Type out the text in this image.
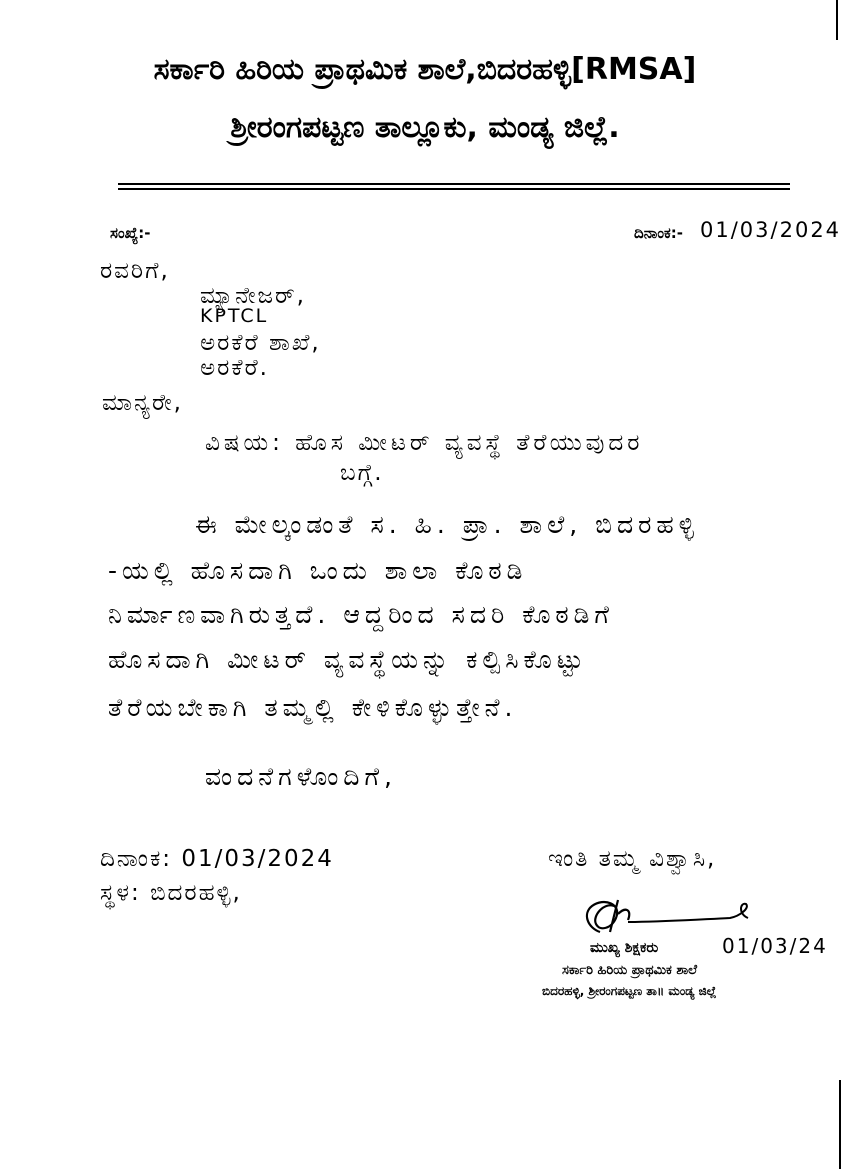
ಸರ್ಕಾರಿ ಹಿರಿಯ ಪ್ರಾಥಮಿಕ ಶಾಲೆ,ಬಿದರಹಳ್ಳಿ[RMSA]
ಶ್ರೀರಂಗಪಟ್ಟಣ ತಾಲ್ಲೂಕು, ಮಂಡ್ಯ ಜಿಲ್ಲೆ.
ಸಂಖ್ಯೆ:-	ದಿನಾಂಕ:- 01/03/2024
ರವರಿಗೆ,
ಮ್ಯಾನೇಜರ್,
KPTCL
ಅರಕೆರೆ ಶಾಖೆ,
ಅರಕೆರೆ.
ಮಾನ್ಯರೇ,
ವಿಷಯ: ಹೊಸ ಮೀಟರ್ ವ್ಯವಸ್ಥೆ ತೆರೆಯುವುದರ
ಬಗ್ಗೆ.
ಈ ಮೇಲ್ಕಂಡಂತೆ ಸ. ಹಿ. ಪ್ರಾ. ಶಾಲೆ, ಬಿದರಹಳ್ಳಿ
-ಯಲ್ಲಿ ಹೊಸದಾಗಿ ಒಂದು ಶಾಲಾ ಕೊಠಡಿ
ನಿರ್ಮಾಣವಾಗಿರುತ್ತದೆ. ಆದ್ದರಿಂದ ಸದರಿ ಕೊಠಡಿಗೆ
ಹೊಸದಾಗಿ ಮೀಟರ್ ವ್ಯವಸ್ಥೆಯನ್ನು ಕಲ್ಪಿಸಿಕೊಟ್ಟು
ತೆರೆಯಬೇಕಾಗಿ ತಮ್ಮಲ್ಲಿ ಕೇಳಿಕೊಳ್ಳುತ್ತೇನೆ.
ವಂದನೆಗಳೊಂದಿಗೆ,
ದಿನಾಂಕ: 01/03/2024
ಸ್ಥಳ: ಬಿದರಹಳ್ಳಿ,
ಇಂತಿ ತಮ್ಮ ವಿಶ್ವಾಸಿ,
ಮುಖ್ಯ ಶಿಕ್ಷಕರು	01/03/24
ಸರ್ಕಾರಿ ಹಿರಿಯ ಪ್ರಾಥಮಿಕ ಶಾಲೆ
ಬಿದರಹಳ್ಳಿ, ಶ್ರೀರಂಗಪಟ್ಟಣ ತಾ॥ ಮಂಡ್ಯ ಜಿಲ್ಲೆ
